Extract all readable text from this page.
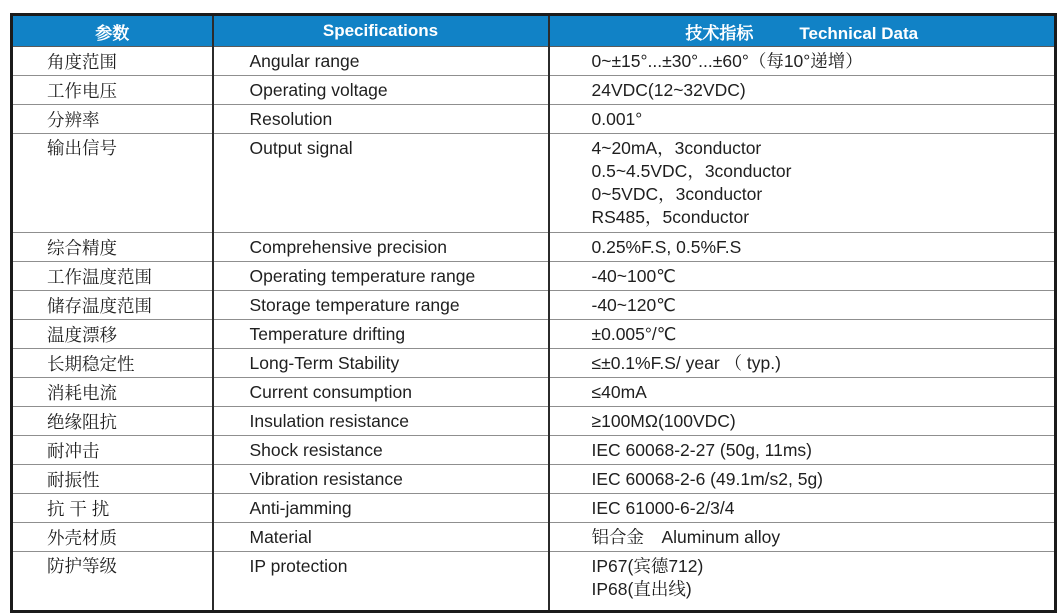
参数	Specifications	技术指标 Technical Data
角度范围	Angular range	0~±15°...±30°...±60°（每10°递增）

工作电压	Operating voltage	24VDC(12~32VDC)

分辨率	Resolution	0.001°

输出信号	Output signal	4~20mA，3conductor
0.5~4.5VDC，3conductor
0~5VDC，3conductor
RS485，5conductor

综合精度	Comprehensive precision	0.25%F.S, 0.5%F.S

工作温度范围	Operating temperature range	-40~100℃

储存温度范围	Storage temperature range	-40~120℃

温度漂移	Temperature drifting	±0.005°/℃

长期稳定性	Long-Term Stability	≤±0.1%F.S/ year （ typ.)

消耗电流	Current consumption	≤40mA

绝缘阻抗	Insulation resistance	≥100MΩ(100VDC)

耐冲击	Shock resistance	IEC 60068-2-27 (50g, 11ms)

耐振性	Vibration resistance	IEC 60068-2-6 (49.1m/s2, 5g)

抗 干 扰	Anti-jamming	IEC 61000-6-2/3/4

外壳材质	Material	铝合金　Aluminum alloy

防护等级	IP protection	IP67(宾德712)
IP68(直出线)
